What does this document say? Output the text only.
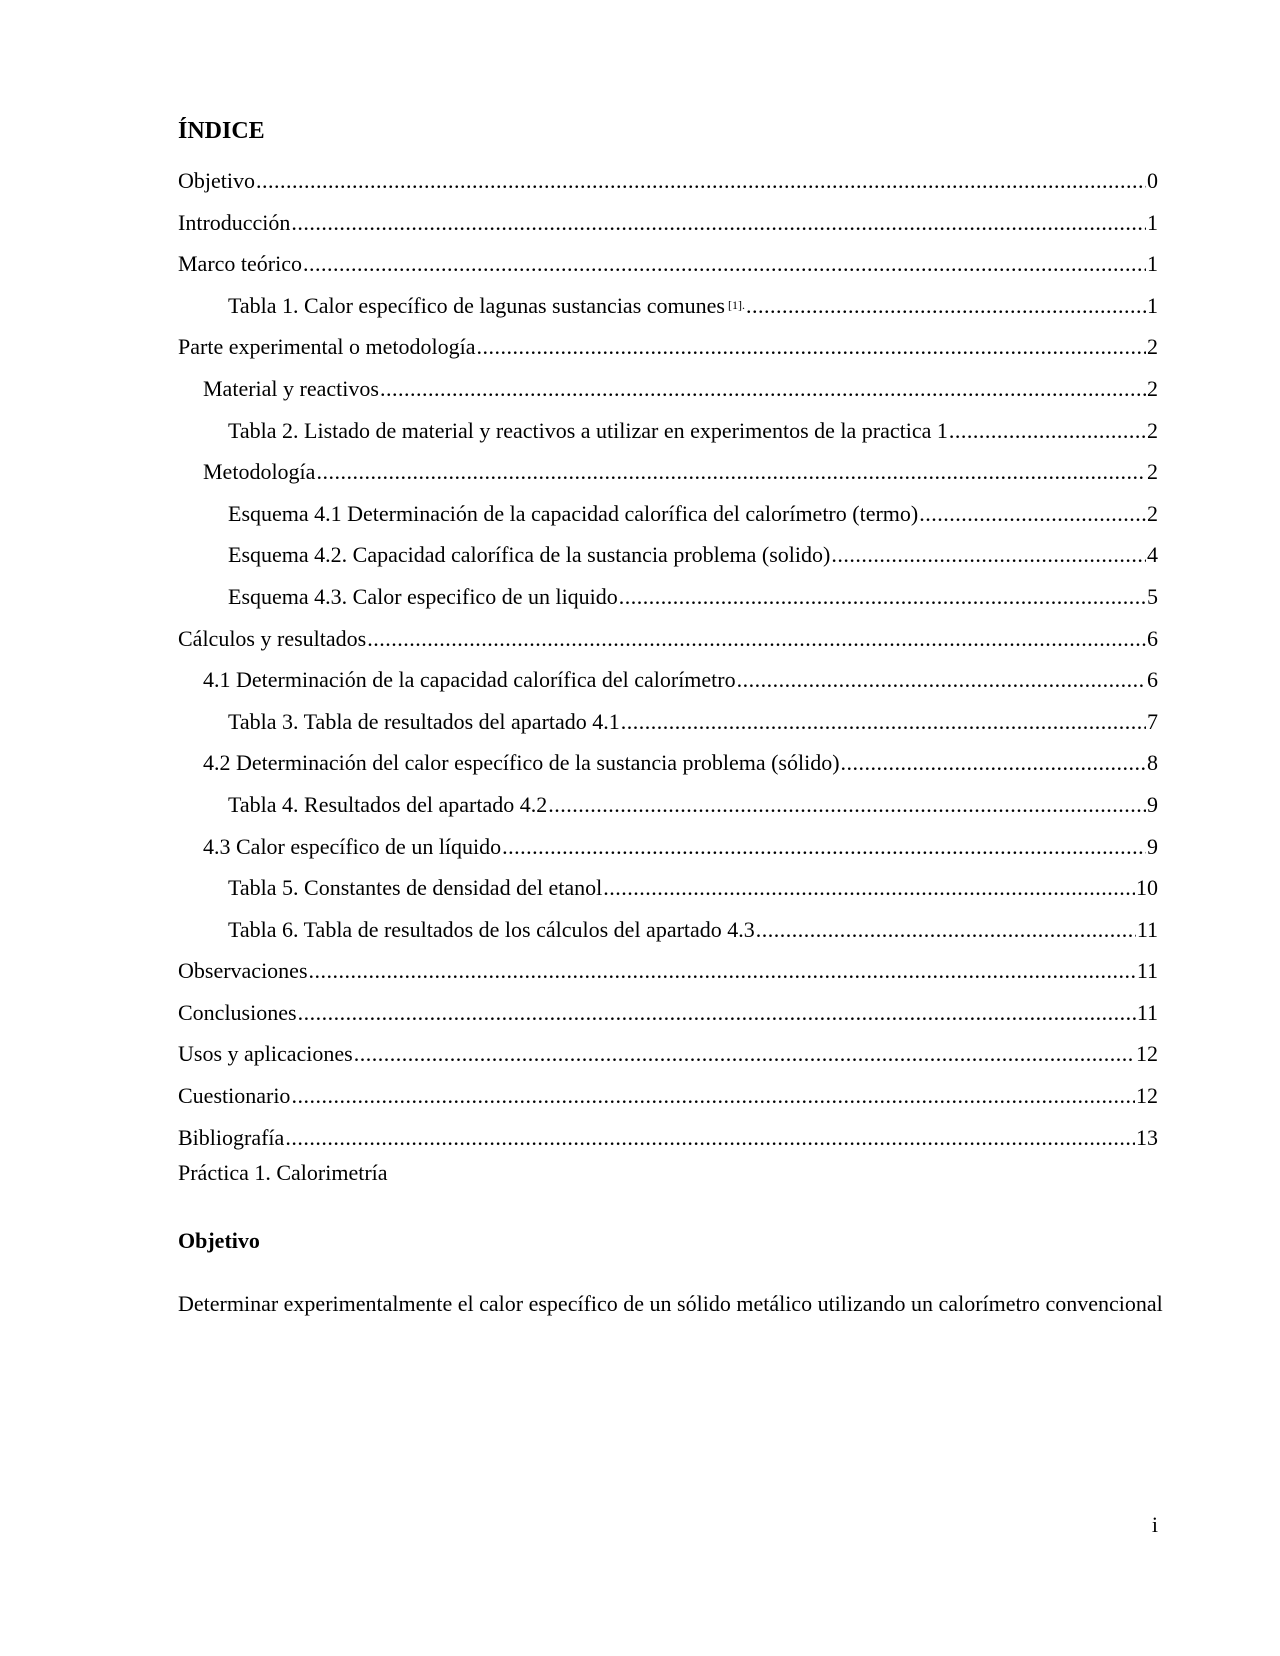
ÍNDICE
Objetivo .....	0
Introducción .....	1
Marco teórico .....	1
Tabla 1. Calor específico de lagunas sustancias comunes $^{[1].}$ .....	1
Parte experimental o metodología .....	2
Material y reactivos .....	2
Tabla 2. Listado de material y reactivos a utilizar en experimentos de la practica 1 .....	2
Metodología .....	2
Esquema 4.1 Determinación de la capacidad calorífica del calorímetro (termo) .....	2
Esquema 4.2. Capacidad calorífica de la sustancia problema (solido) .....	4
Esquema 4.3. Calor especifico de un liquido .....	5
Cálculos y resultados .....	6
4.1 Determinación de la capacidad calorífica del calorímetro .....	6
Tabla 3. Tabla de resultados del apartado 4.1 .....	7
4.2 Determinación del calor específico de la sustancia problema (sólido) .....	8
Tabla 4. Resultados del apartado 4.2 .....	9
4.3 Calor específico de un líquido .....	9
Tabla 5. Constantes de densidad del etanol .....	10
Tabla 6. Tabla de resultados de los cálculos del apartado 4.3 .....	11
Observaciones .....	11
Conclusiones .....	11
Usos y aplicaciones .....	12
Cuestionario .....	12
Bibliografía .....	13

Práctica 1. Calorimetría

Objetivo

Determinar experimentalmente el calor específico de un sólido metálico utilizando un calorímetro convencional

i
